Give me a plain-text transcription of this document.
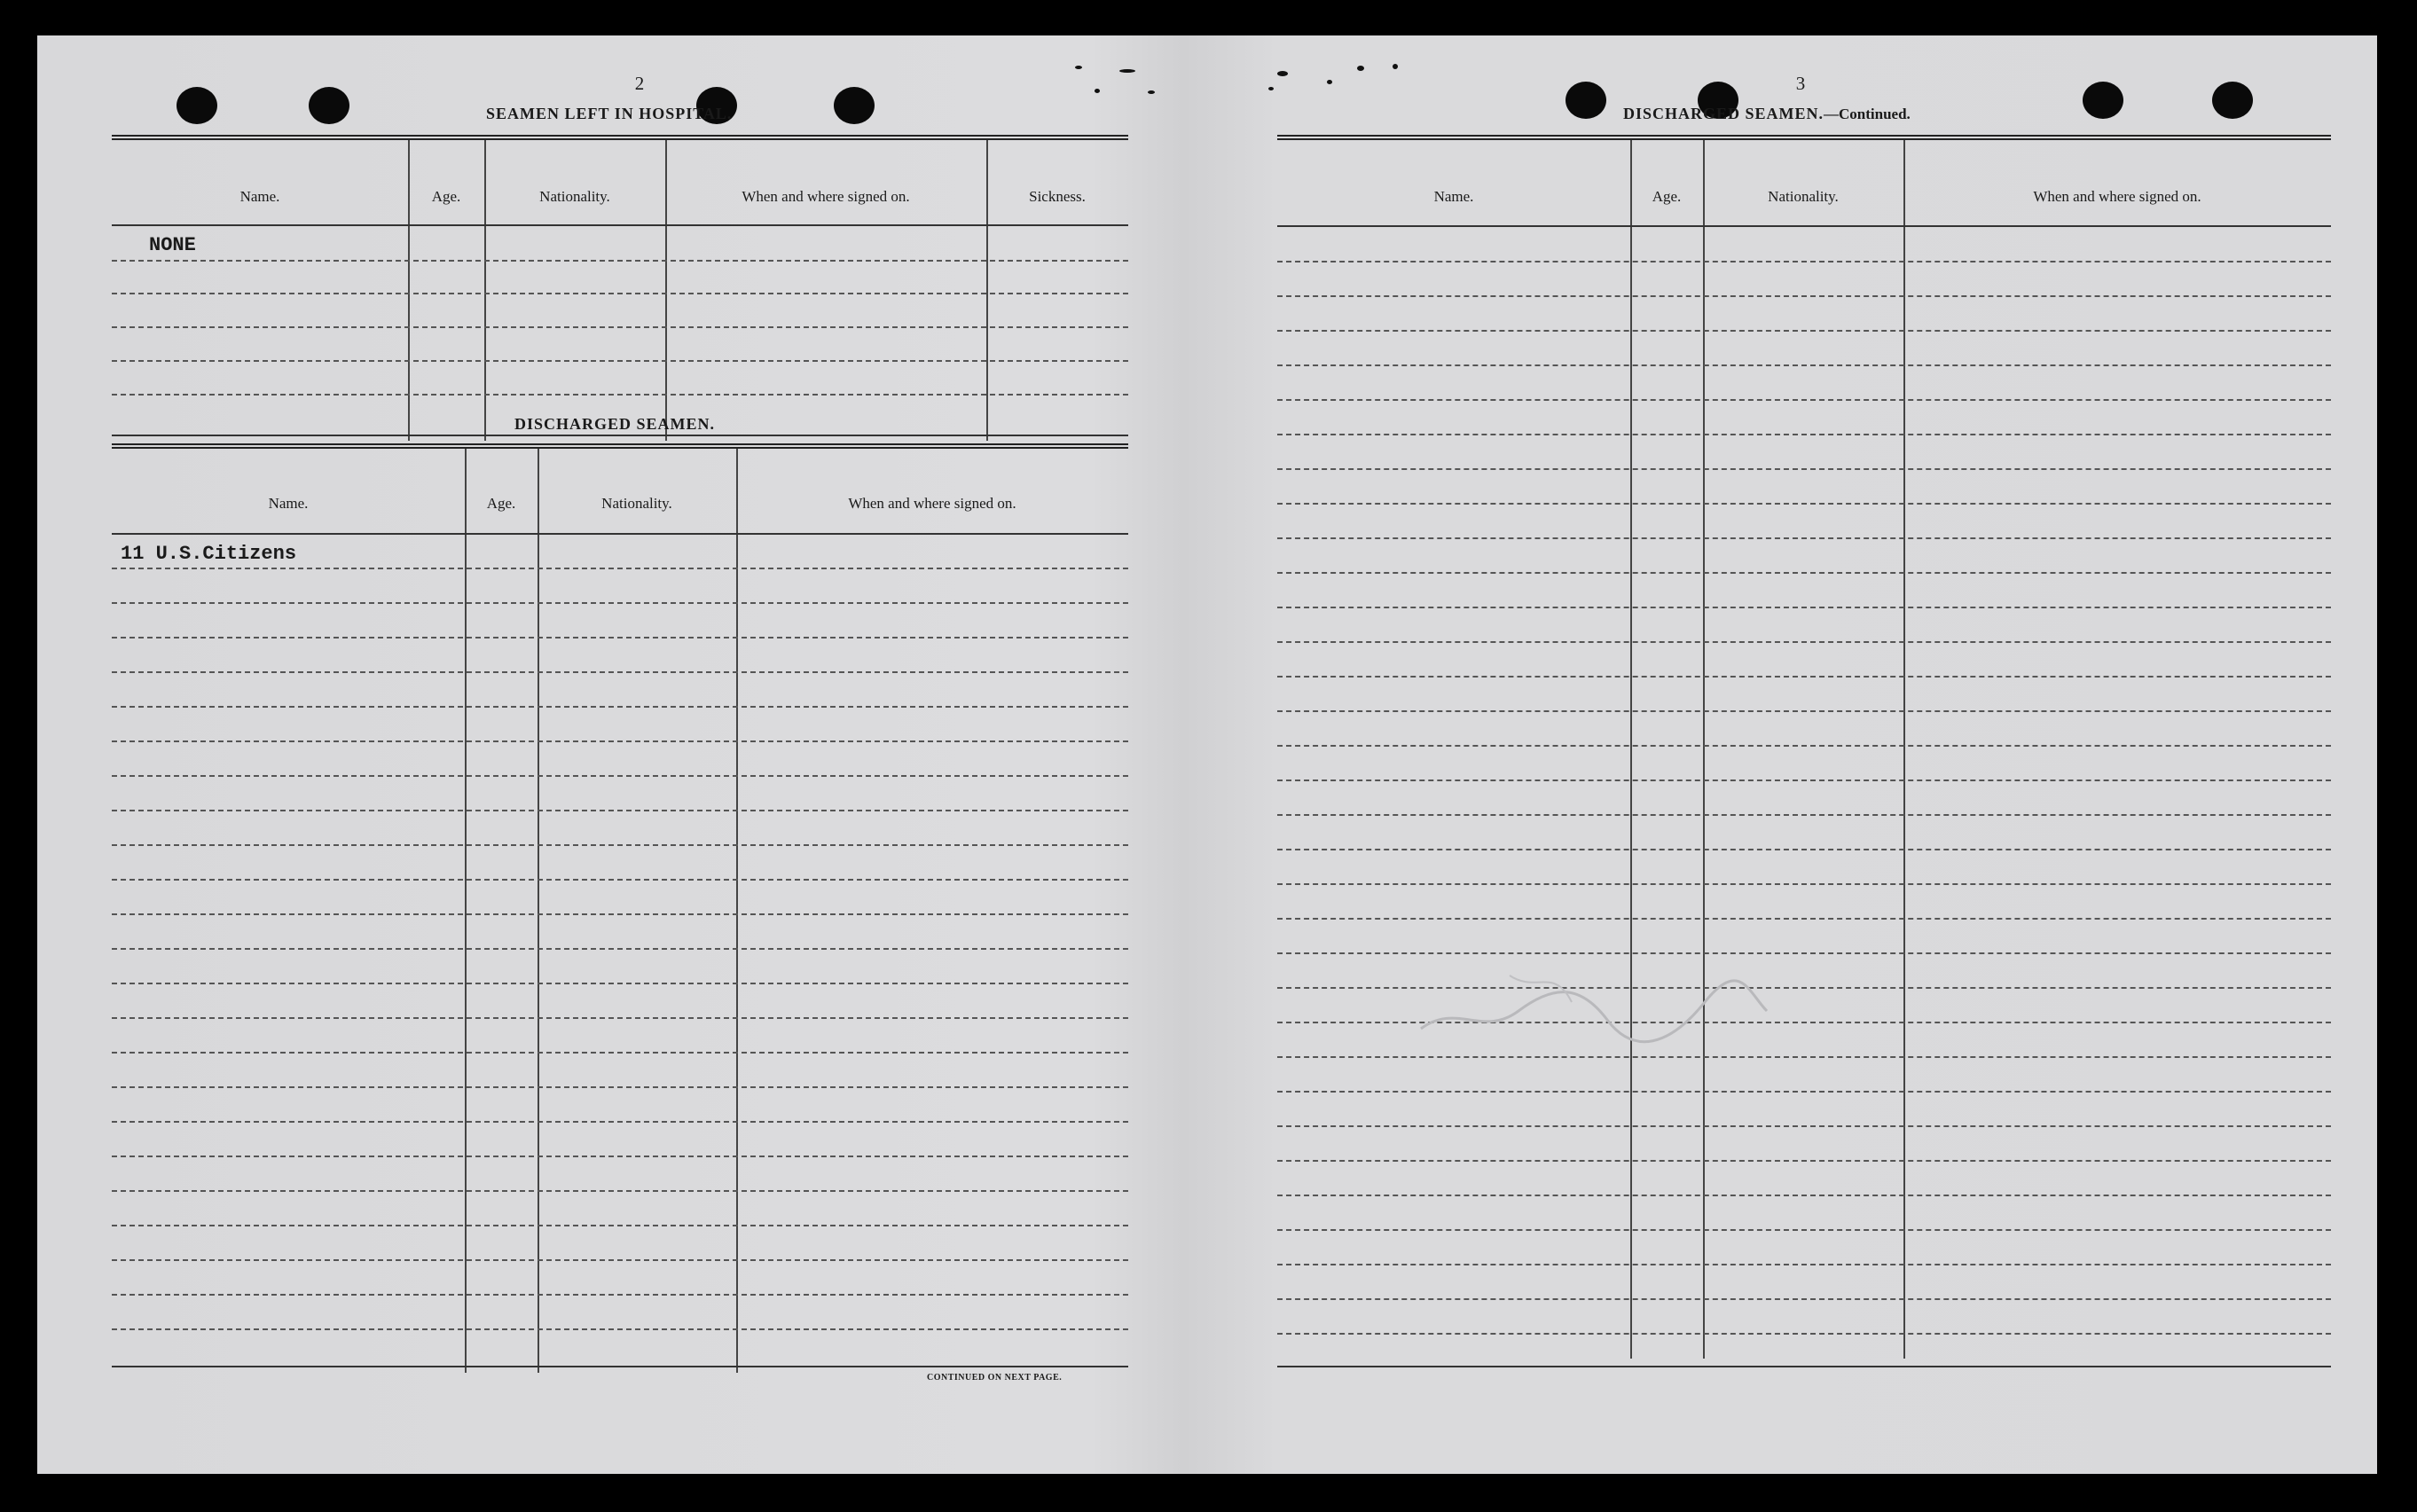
2
SEAMEN LEFT IN HOSPITAL.
Name.	Age.	Nationality.	When and where signed on.	Sickness.
NONE
DISCHARGED SEAMEN.
Name.	Age.	Nationality.	When and where signed on.
11 U.S.Citizens
CONTINUED ON NEXT PAGE.
3
DISCHARGED SEAMEN.—Continued.
Name.	Age.	Nationality.	When and where signed on.
